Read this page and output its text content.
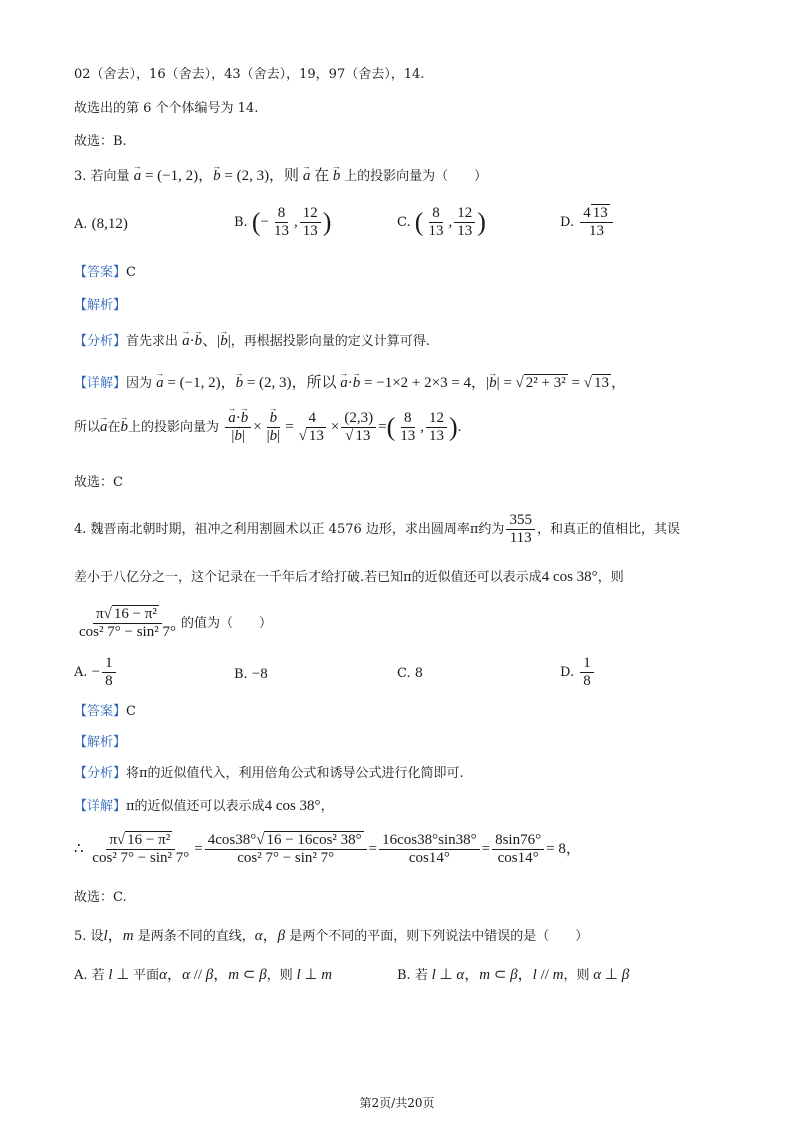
02（舍去），16（舍去），43（舍去），19，97（舍去），14.
故选出的第 6 个个体编号为 14.
故选：B.
3. 若向量 → a = (−1, 2)，→ b = (2, 3)，则 → a 在 → b 上的投影向量为（　　）
A. (8,12)	B. (− $\frac{8}{13}$ , $\frac{12}{13}$ )	C. ( $\frac{8}{13}$ , $\frac{12}{13}$ )	D. $\frac{4 13}{13}$
【答案】C
【解析】
【分析】首先求出 → a·→ b、|→ b|，再根据投影向量的定义计算可得.
【详解】因为 → a = (−1, 2)，→ b = (2, 3)，所以 → a·→ b = −1×2 + 2×3 = 4，|→ b| = √ 2² + 3² = √ 13 ，
所以→ a在→ b上的投影向量为 → $\frac{a\cdot\to b}{|\to b|}$ × → $\frac{b}{|\to b|} = \frac{4}{√ 13} \times \frac{(2,3)}{√ 13}$ =( $\frac{8}{13}$ , $\frac{12}{13}$ ).
故选：C
4. 魏晋南北朝时期，祖冲之利用割圆术以正 4576 边形，求出圆周率π约为 $\frac{355}{113}$ ，和真正的值相比，其误
差小于八亿分之一，这个记录在一千年后才给打破.若已知π的近似值还可以表示成4 cos 38°，则
$\frac{\text{π√ 16 − π²}}{\text{cos² 7° − sin² 7°}}$ 的值为（　　）
A. − $\frac{1}{8}$	B. −8	C. 8	D. $\frac{1}{8}$
【答案】C
【解析】
【分析】将π的近似值代入，利用倍角公式和诱导公式进行化简即可.
【详解】π的近似值还可以表示成4 cos 38°，
∴ $\frac{\text{π√ 16 − π²}}{\text{cos² 7° − sin² 7°}} = \frac{\text{4cos38°√ 16 − 16cos² 38°}}{\text{cos² 7° − sin² 7°}} = \frac{16\cos 38^\circ\sin 38^\circ}{\cos 14^\circ} = \frac{8\sin 76^\circ}{\cos 14^\circ} = 8$，
故选：C.
5. 设l，m 是两条不同的直线，α，β 是两个不同的平面，则下列说法中错误的是（　　）
A. 若 l ⊥ 平面α，α // β，m ⊂ β，则 l ⊥ m	B. 若 l ⊥ α，m ⊂ β，l // m，则 α ⊥ β
第2页/共20页
